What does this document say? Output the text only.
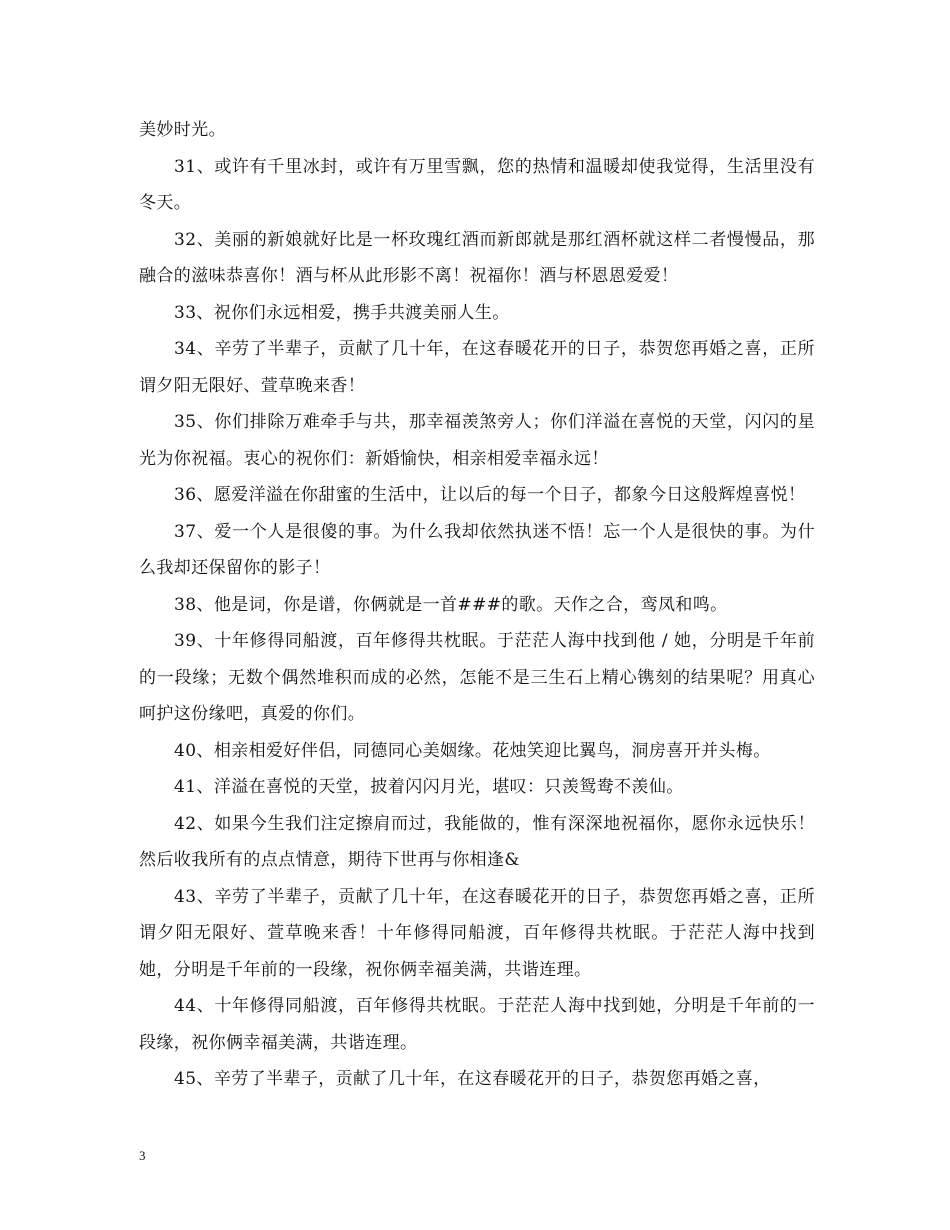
美妙时光。

31、或许有千里冰封，或许有万里雪飘，您的热情和温暖却使我觉得，生活里没有冬天。

32、美丽的新娘就好比是一杯玫瑰红酒而新郎就是那红酒杯就这样二者慢慢品，那融合的滋味恭喜你！酒与杯从此形影不离！祝福你！酒与杯恩恩爱爱！

33、祝你们永远相爱，携手共渡美丽人生。

34、辛劳了半辈子，贡献了几十年，在这春暖花开的日子，恭贺您再婚之喜，正所谓夕阳无限好、萱草晚来香！

35、你们排除万难牵手与共，那幸福羡煞旁人；你们洋溢在喜悦的天堂，闪闪的星光为你祝福。衷心的祝你们：新婚愉快，相亲相爱幸福永远！

36、愿爱洋溢在你甜蜜的生活中，让以后的每一个日子，都象今日这般辉煌喜悦！

37、爱一个人是很傻的事。为什么我却依然执迷不悟！忘一个人是很快的事。为什么我却还保留你的影子！

38、他是词，你是谱，你俩就是一首###的歌。天作之合，鸾凤和鸣。

39、十年修得同船渡，百年修得共枕眠。于茫茫人海中找到他 / 她，分明是千年前的一段缘；无数个偶然堆积而成的必然，怎能不是三生石上精心镌刻的结果呢？用真心呵护这份缘吧，真爱的你们。

40、相亲相爱好伴侣，同德同心美姻缘。花烛笑迎比翼鸟，洞房喜开并头梅。

41、洋溢在喜悦的天堂，披着闪闪月光，堪叹：只羡鸳鸯不羡仙。

42、如果今生我们注定擦肩而过，我能做的，惟有深深地祝福你，愿你永远快乐！然后收我所有的点点情意，期待下世再与你相逢&

43、辛劳了半辈子，贡献了几十年，在这春暖花开的日子，恭贺您再婚之喜，正所谓夕阳无限好、萱草晚来香！十年修得同船渡，百年修得共枕眠。于茫茫人海中找到她，分明是千年前的一段缘，祝你俩幸福美满，共谐连理。

44、十年修得同船渡，百年修得共枕眠。于茫茫人海中找到她，分明是千年前的一段缘，祝你俩幸福美满，共谐连理。

45、辛劳了半辈子，贡献了几十年，在这春暖花开的日子，恭贺您再婚之喜，

3
